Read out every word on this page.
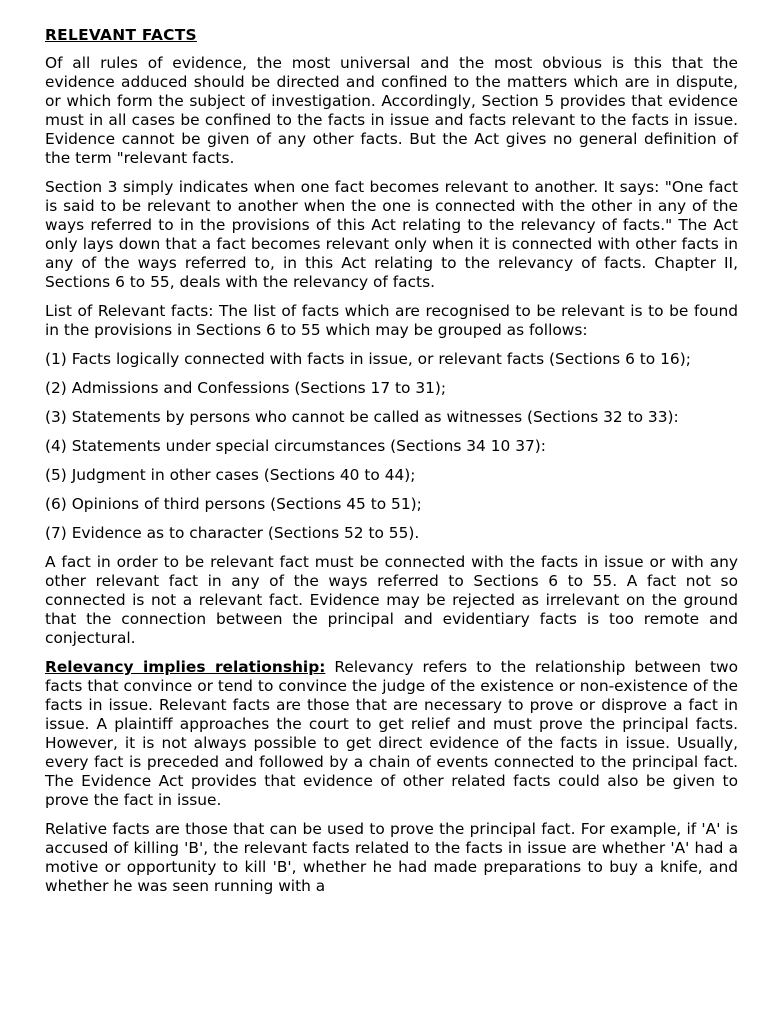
RELEVANT FACTS

Of all rules of evidence, the most universal and the most obvious is this that the evidence adduced should be directed and confined to the matters which are in dispute, or which form the subject of investigation. Accordingly, Section 5 provides that evidence must in all cases be confined to the facts in issue and facts relevant to the facts in issue. Evidence cannot be given of any other facts. But the Act gives no general definition of the term "relevant facts.

Section 3 simply indicates when one fact becomes relevant to another. It says: "One fact is said to be relevant to another when the one is connected with the other in any of the ways referred to in the provisions of this Act relating to the relevancy of facts." The Act only lays down that a fact becomes relevant only when it is connected with other facts in any of the ways referred to, in this Act relating to the relevancy of facts. Chapter II, Sections 6 to 55, deals with the relevancy of facts.

List of Relevant facts: The list of facts which are recognised to be relevant is to be found in the provisions in Sections 6 to 55 which may be grouped as follows:

(1) Facts logically connected with facts in issue, or relevant facts (Sections 6 to 16);

(2) Admissions and Confessions (Sections 17 to 31);

(3) Statements by persons who cannot be called as witnesses (Sections 32 to 33):

(4) Statements under special circumstances (Sections 34 10 37):

(5) Judgment in other cases (Sections 40 to 44);

(6) Opinions of third persons (Sections 45 to 51);

(7) Evidence as to character (Sections 52 to 55).

A fact in order to be relevant fact must be connected with the facts in issue or with any other relevant fact in any of the ways referred to Sections 6 to 55. A fact not so connected is not a relevant fact. Evidence may be rejected as irrelevant on the ground that the connection between the principal and evidentiary facts is too remote and conjectural.

Relevancy implies relationship: Relevancy refers to the relationship between two facts that convince or tend to convince the judge of the existence or non-existence of the facts in issue. Relevant facts are those that are necessary to prove or disprove a fact in issue. A plaintiff approaches the court to get relief and must prove the principal facts. However, it is not always possible to get direct evidence of the facts in issue. Usually, every fact is preceded and followed by a chain of events connected to the principal fact. The Evidence Act provides that evidence of other related facts could also be given to prove the fact in issue.

Relative facts are those that can be used to prove the principal fact. For example, if 'A' is accused of killing 'B', the relevant facts related to the facts in issue are whether 'A' had a motive or opportunity to kill 'B', whether he had made preparations to buy a knife, and whether he was seen running with a
